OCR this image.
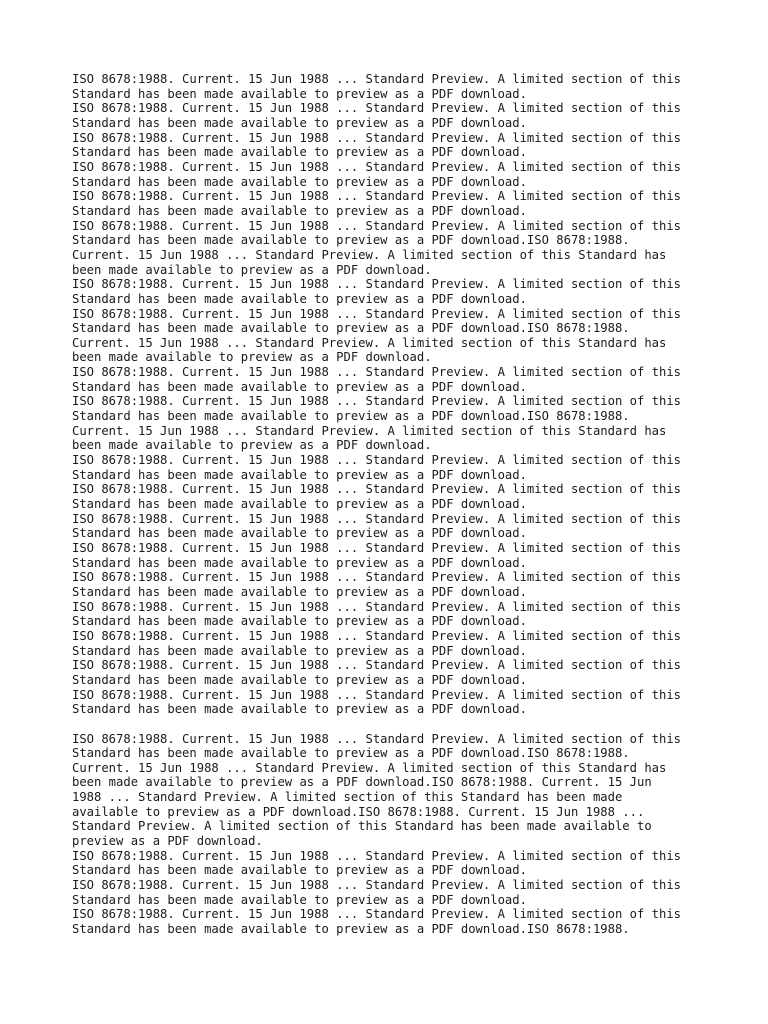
ISO 8678:1988. Current. 15 Jun 1988 ... Standard Preview. A limited section of this
Standard has been made available to preview as a PDF download.
ISO 8678:1988. Current. 15 Jun 1988 ... Standard Preview. A limited section of this
Standard has been made available to preview as a PDF download.
ISO 8678:1988. Current. 15 Jun 1988 ... Standard Preview. A limited section of this
Standard has been made available to preview as a PDF download.
ISO 8678:1988. Current. 15 Jun 1988 ... Standard Preview. A limited section of this
Standard has been made available to preview as a PDF download.
ISO 8678:1988. Current. 15 Jun 1988 ... Standard Preview. A limited section of this
Standard has been made available to preview as a PDF download.
ISO 8678:1988. Current. 15 Jun 1988 ... Standard Preview. A limited section of this
Standard has been made available to preview as a PDF download.ISO 8678:1988.
Current. 15 Jun 1988 ... Standard Preview. A limited section of this Standard has
been made available to preview as a PDF download.
ISO 8678:1988. Current. 15 Jun 1988 ... Standard Preview. A limited section of this
Standard has been made available to preview as a PDF download.
ISO 8678:1988. Current. 15 Jun 1988 ... Standard Preview. A limited section of this
Standard has been made available to preview as a PDF download.ISO 8678:1988.
Current. 15 Jun 1988 ... Standard Preview. A limited section of this Standard has
been made available to preview as a PDF download.
ISO 8678:1988. Current. 15 Jun 1988 ... Standard Preview. A limited section of this
Standard has been made available to preview as a PDF download.
ISO 8678:1988. Current. 15 Jun 1988 ... Standard Preview. A limited section of this
Standard has been made available to preview as a PDF download.ISO 8678:1988.
Current. 15 Jun 1988 ... Standard Preview. A limited section of this Standard has
been made available to preview as a PDF download.
ISO 8678:1988. Current. 15 Jun 1988 ... Standard Preview. A limited section of this
Standard has been made available to preview as a PDF download.
ISO 8678:1988. Current. 15 Jun 1988 ... Standard Preview. A limited section of this
Standard has been made available to preview as a PDF download.
ISO 8678:1988. Current. 15 Jun 1988 ... Standard Preview. A limited section of this
Standard has been made available to preview as a PDF download.
ISO 8678:1988. Current. 15 Jun 1988 ... Standard Preview. A limited section of this
Standard has been made available to preview as a PDF download.
ISO 8678:1988. Current. 15 Jun 1988 ... Standard Preview. A limited section of this
Standard has been made available to preview as a PDF download.
ISO 8678:1988. Current. 15 Jun 1988 ... Standard Preview. A limited section of this
Standard has been made available to preview as a PDF download.
ISO 8678:1988. Current. 15 Jun 1988 ... Standard Preview. A limited section of this
Standard has been made available to preview as a PDF download.
ISO 8678:1988. Current. 15 Jun 1988 ... Standard Preview. A limited section of this
Standard has been made available to preview as a PDF download.
ISO 8678:1988. Current. 15 Jun 1988 ... Standard Preview. A limited section of this
Standard has been made available to preview as a PDF download.
ISO 8678:1988. Current. 15 Jun 1988 ... Standard Preview. A limited section of this
Standard has been made available to preview as a PDF download.ISO 8678:1988.
Current. 15 Jun 1988 ... Standard Preview. A limited section of this Standard has
been made available to preview as a PDF download.ISO 8678:1988. Current. 15 Jun
1988 ... Standard Preview. A limited section of this Standard has been made
available to preview as a PDF download.ISO 8678:1988. Current. 15 Jun 1988 ...
Standard Preview. A limited section of this Standard has been made available to
preview as a PDF download.
ISO 8678:1988. Current. 15 Jun 1988 ... Standard Preview. A limited section of this
Standard has been made available to preview as a PDF download.
ISO 8678:1988. Current. 15 Jun 1988 ... Standard Preview. A limited section of this
Standard has been made available to preview as a PDF download.
ISO 8678:1988. Current. 15 Jun 1988 ... Standard Preview. A limited section of this
Standard has been made available to preview as a PDF download.ISO 8678:1988.
